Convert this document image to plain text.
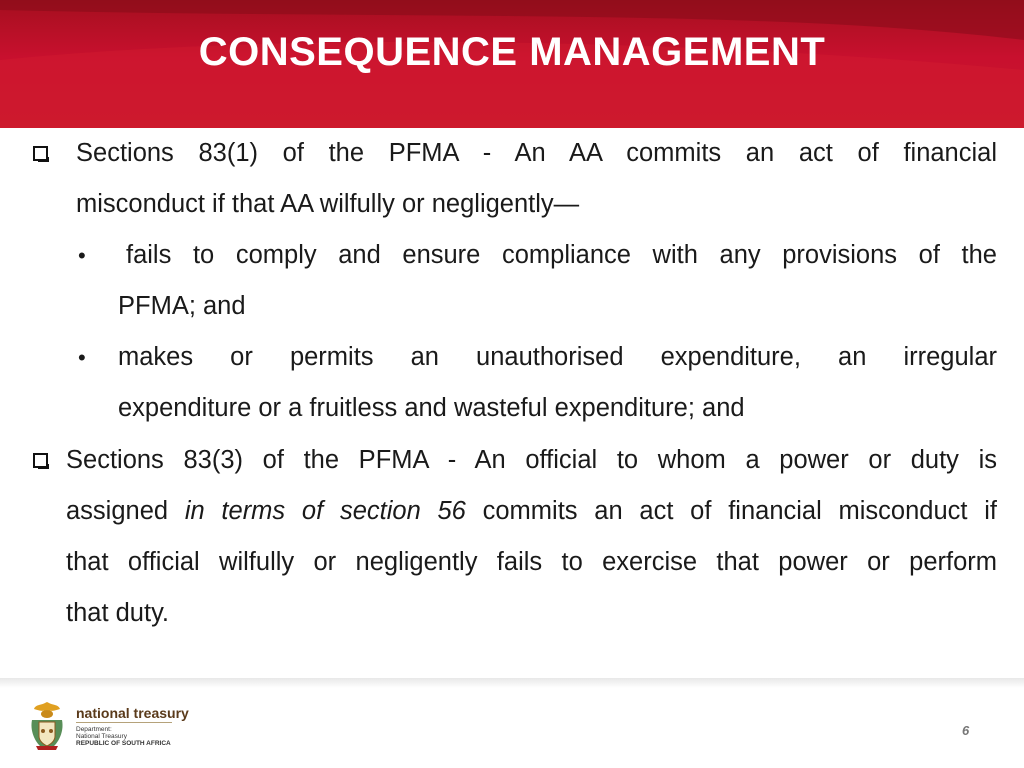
CONSEQUENCE MANAGEMENT
Sections 83(1) of the PFMA - An AA commits an act of financial
misconduct if that AA wilfully or negligently—
• fails to comply and ensure compliance with any provisions of the
PFMA; and
• makes or permits an unauthorised expenditure, an irregular
expenditure or a fruitless and wasteful expenditure; and
Sections 83(3) of the PFMA - An official to whom a power or duty is
assigned in terms of section 56 commits an act of financial misconduct if
that official wilfully or negligently fails to exercise that power or perform
that duty.
national treasury
Department:
National Treasury
REPUBLIC OF SOUTH AFRICA
6
